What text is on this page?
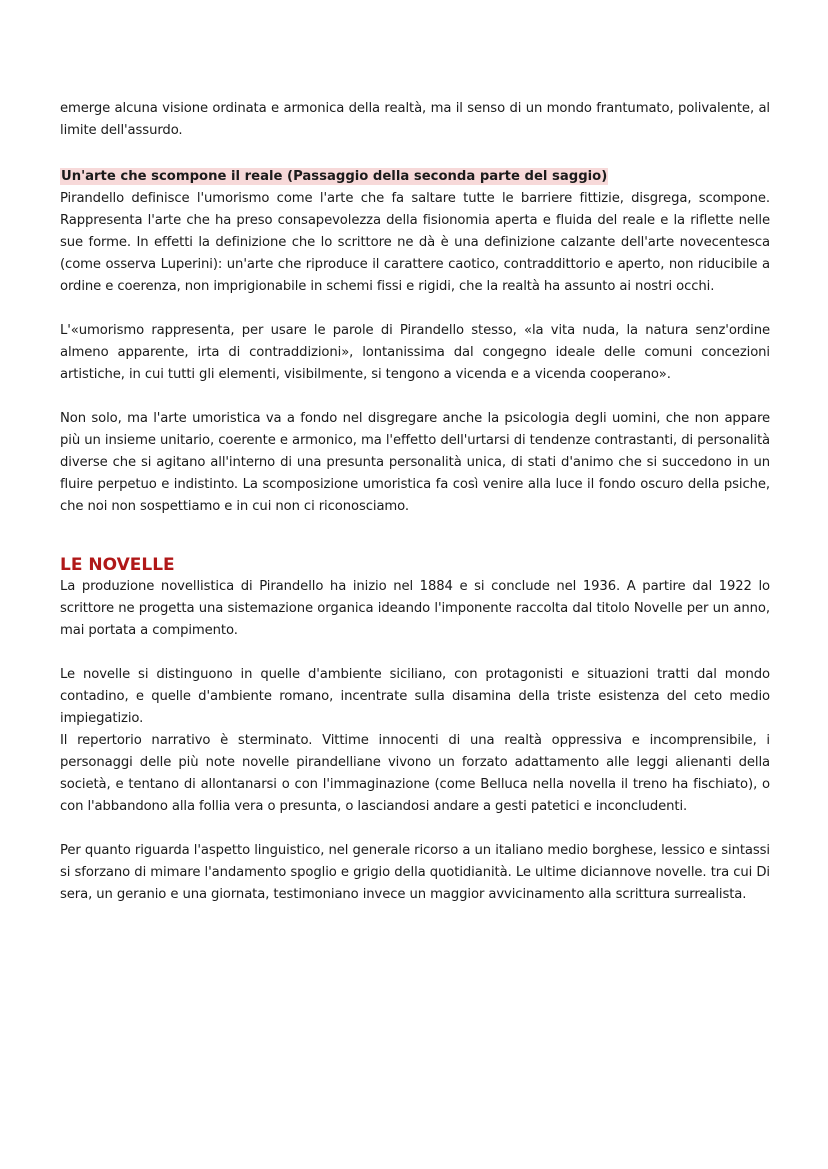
emerge alcuna visione ordinata e armonica della realtà, ma il senso di un mondo frantumato, polivalente, al limite dell'assurdo.

Un'arte che scompone il reale (Passaggio della seconda parte del saggio)

Pirandello definisce l'umorismo come l'arte che fa saltare tutte le barriere fittizie, disgrega, scompone. Rappresenta l'arte che ha preso consapevolezza della fisionomia aperta e fluida del reale e la riflette nelle sue forme. In effetti la definizione che lo scrittore ne dà è una definizione calzante dell'arte novecentesca (come osserva Luperini): un'arte che riproduce il carattere caotico, contraddittorio e aperto, non riducibile a ordine e coerenza, non imprigionabile in schemi fissi e rigidi, che la realtà ha assunto ai nostri occhi.

L'«umorismo rappresenta, per usare le parole di Pirandello stesso, «la vita nuda, la natura senz'ordine almeno apparente, irta di contraddizioni», lontanissima dal congegno ideale delle comuni concezioni artistiche, in cui tutti gli elementi, visibilmente, si tengono a vicenda e a vicenda cooperano».

Non solo, ma l'arte umoristica va a fondo nel disgregare anche la psicologia degli uomini, che non appare più un insieme unitario, coerente e armonico, ma l'effetto dell'urtarsi di tendenze contrastanti, di personalità diverse che si agitano all'interno di una presunta personalità unica, di stati d'animo che si succedono in un fluire perpetuo e indistinto. La scomposizione umoristica fa così venire alla luce il fondo oscuro della psiche, che noi non sospettiamo e in cui non ci riconosciamo.

LE NOVELLE

La produzione novellistica di Pirandello ha inizio nel 1884 e si conclude nel 1936. A partire dal 1922 lo scrittore ne progetta una sistemazione organica ideando l'imponente raccolta dal titolo Novelle per un anno, mai portata a compimento.

Le novelle si distinguono in quelle d'ambiente siciliano, con protagonisti e situazioni tratti dal mondo contadino, e quelle d'ambiente romano, incentrate sulla disamina della triste esistenza del ceto medio impiegatizio.

Il repertorio narrativo è sterminato. Vittime innocenti di una realtà oppressiva e incomprensibile, i personaggi delle più note novelle pirandelliane vivono un forzato adattamento alle leggi alienanti della società, e tentano di allontanarsi o con l'immaginazione (come Belluca nella novella il treno ha fischiato), o con l'abbandono alla follia vera o presunta, o lasciandosi andare a gesti patetici e inconcludenti.

Per quanto riguarda l'aspetto linguistico, nel generale ricorso a un italiano medio borghese, lessico e sintassi si sforzano di mimare l'andamento spoglio e grigio della quotidianità. Le ultime diciannove novelle. tra cui Di sera, un geranio e una giornata, testimoniano invece un maggior avvicinamento alla scrittura surrealista.
